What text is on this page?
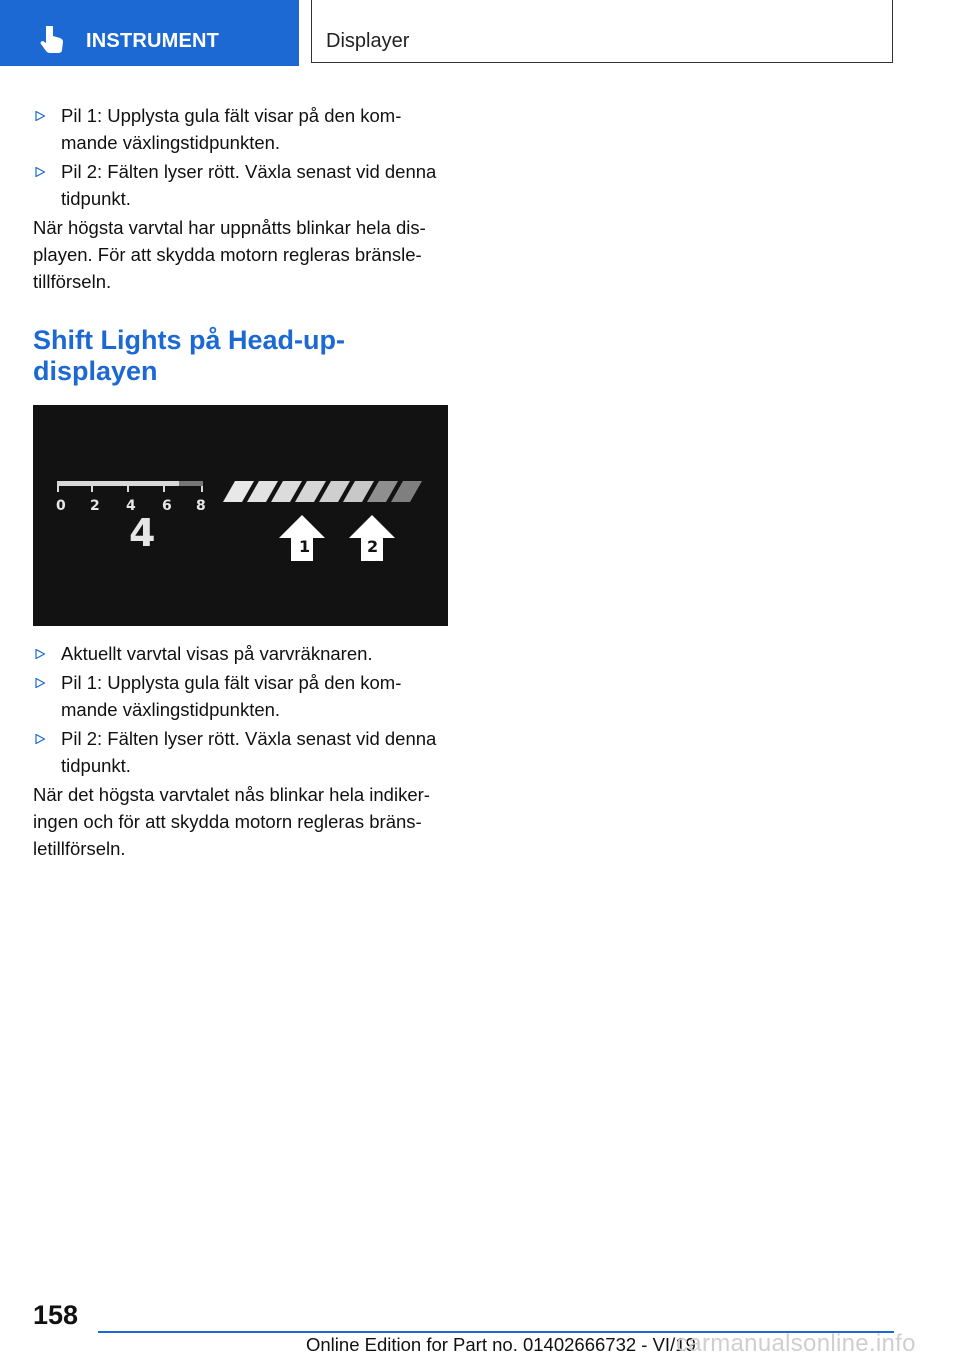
INSTRUMENT	Displayer
Pil 1: Upplysta gula fält visar på den kom‐mande växlingstidpunkten.
Pil 2: Fälten lyser rött. Växla senast vid denna tidpunkt.

När högsta varvtal har uppnåtts blinkar hela dis‐playen. För att skydda motorn regleras bränsle‐tillförseln.

Shift Lights på Head-up-displayen
0 2 4 6 8
4	1	2
Aktuellt varvtal visas på varvräknaren.
Pil 1: Upplysta gula fält visar på den kom‐mande växlingstidpunkten.
Pil 2: Fälten lyser rött. Växla senast vid denna tidpunkt.

När det högsta varvtalet nås blinkar hela indiker‐ingen och för att skydda motorn regleras bräns‐letillförseln.

158
Online Edition for Part no. 01402666732 - VI/19
carmanualsonline.info
